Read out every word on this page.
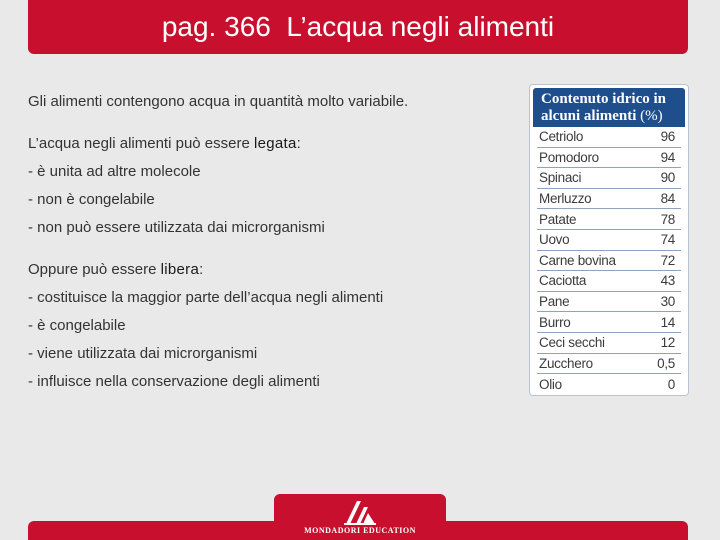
pag. 366  L’acqua negli alimenti

Gli alimenti contengono acqua in quantità molto variabile.

L’acqua negli alimenti può essere legata:

- è unita ad altre molecole

- non è congelabile

- non può essere utilizzata dai microrganismi

Oppure può essere libera:

- costituisce la maggior parte dell’acqua negli alimenti

- è congelabile

- viene utilizzata dai microrganismi

- influisce nella conservazione degli alimenti

Contenuto idrico in
alcuni alimenti (%)
Cetriolo	96
Pomodoro	94
Spinaci	90
Merluzzo	84
Patate	78
Uovo	74
Carne bovina	72
Caciotta	43
Pane	30
Burro	14
Ceci secchi	12
Zucchero	0,5
Olio	0
MONDADORI EDUCATION
